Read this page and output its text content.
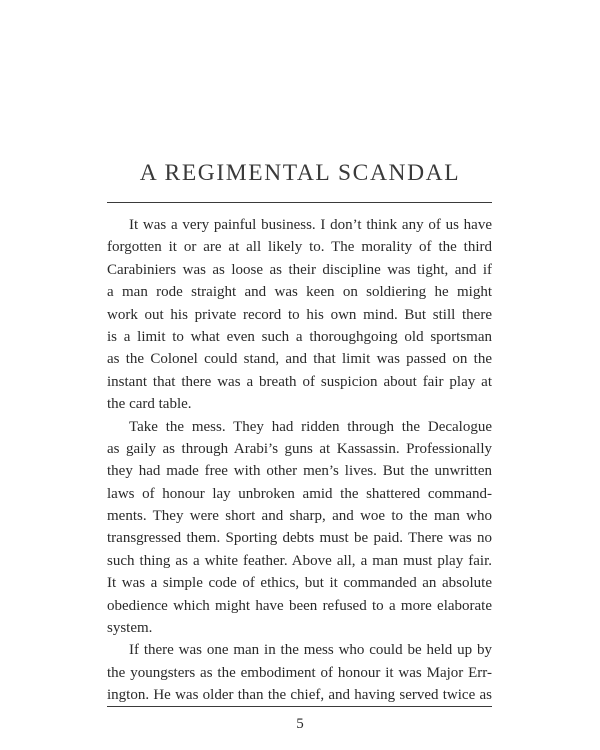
A REGIMENTAL SCANDAL
It was a very painful business. I don’t think any of us have
forgotten it or are at all likely to. The morality of the third
Carabiniers was as loose as their discipline was tight, and if
a man rode straight and was keen on soldiering he might
work out his private record to his own mind. But still there
is a limit to what even such a thoroughgoing old sportsman
as the Colonel could stand, and that limit was passed on the
instant that there was a breath of suspicion about fair play at
the card table.
Take the mess. They had ridden through the Decalogue
as gaily as through Arabi’s guns at Kassassin. Professionally
they had made free with other men’s lives. But the unwritten
laws of honour lay unbroken amid the shattered command-
ments. They were short and sharp, and woe to the man who
transgressed them. Sporting debts must be paid. There was no
such thing as a white feather. Above all, a man must play fair.
It was a simple code of ethics, but it commanded an absolute
obedience which might have been refused to a more elaborate
system.
If there was one man in the mess who could be held up by
the youngsters as the embodiment of honour it was Major Err-
ington. He was older than the chief, and having served twice as
5
